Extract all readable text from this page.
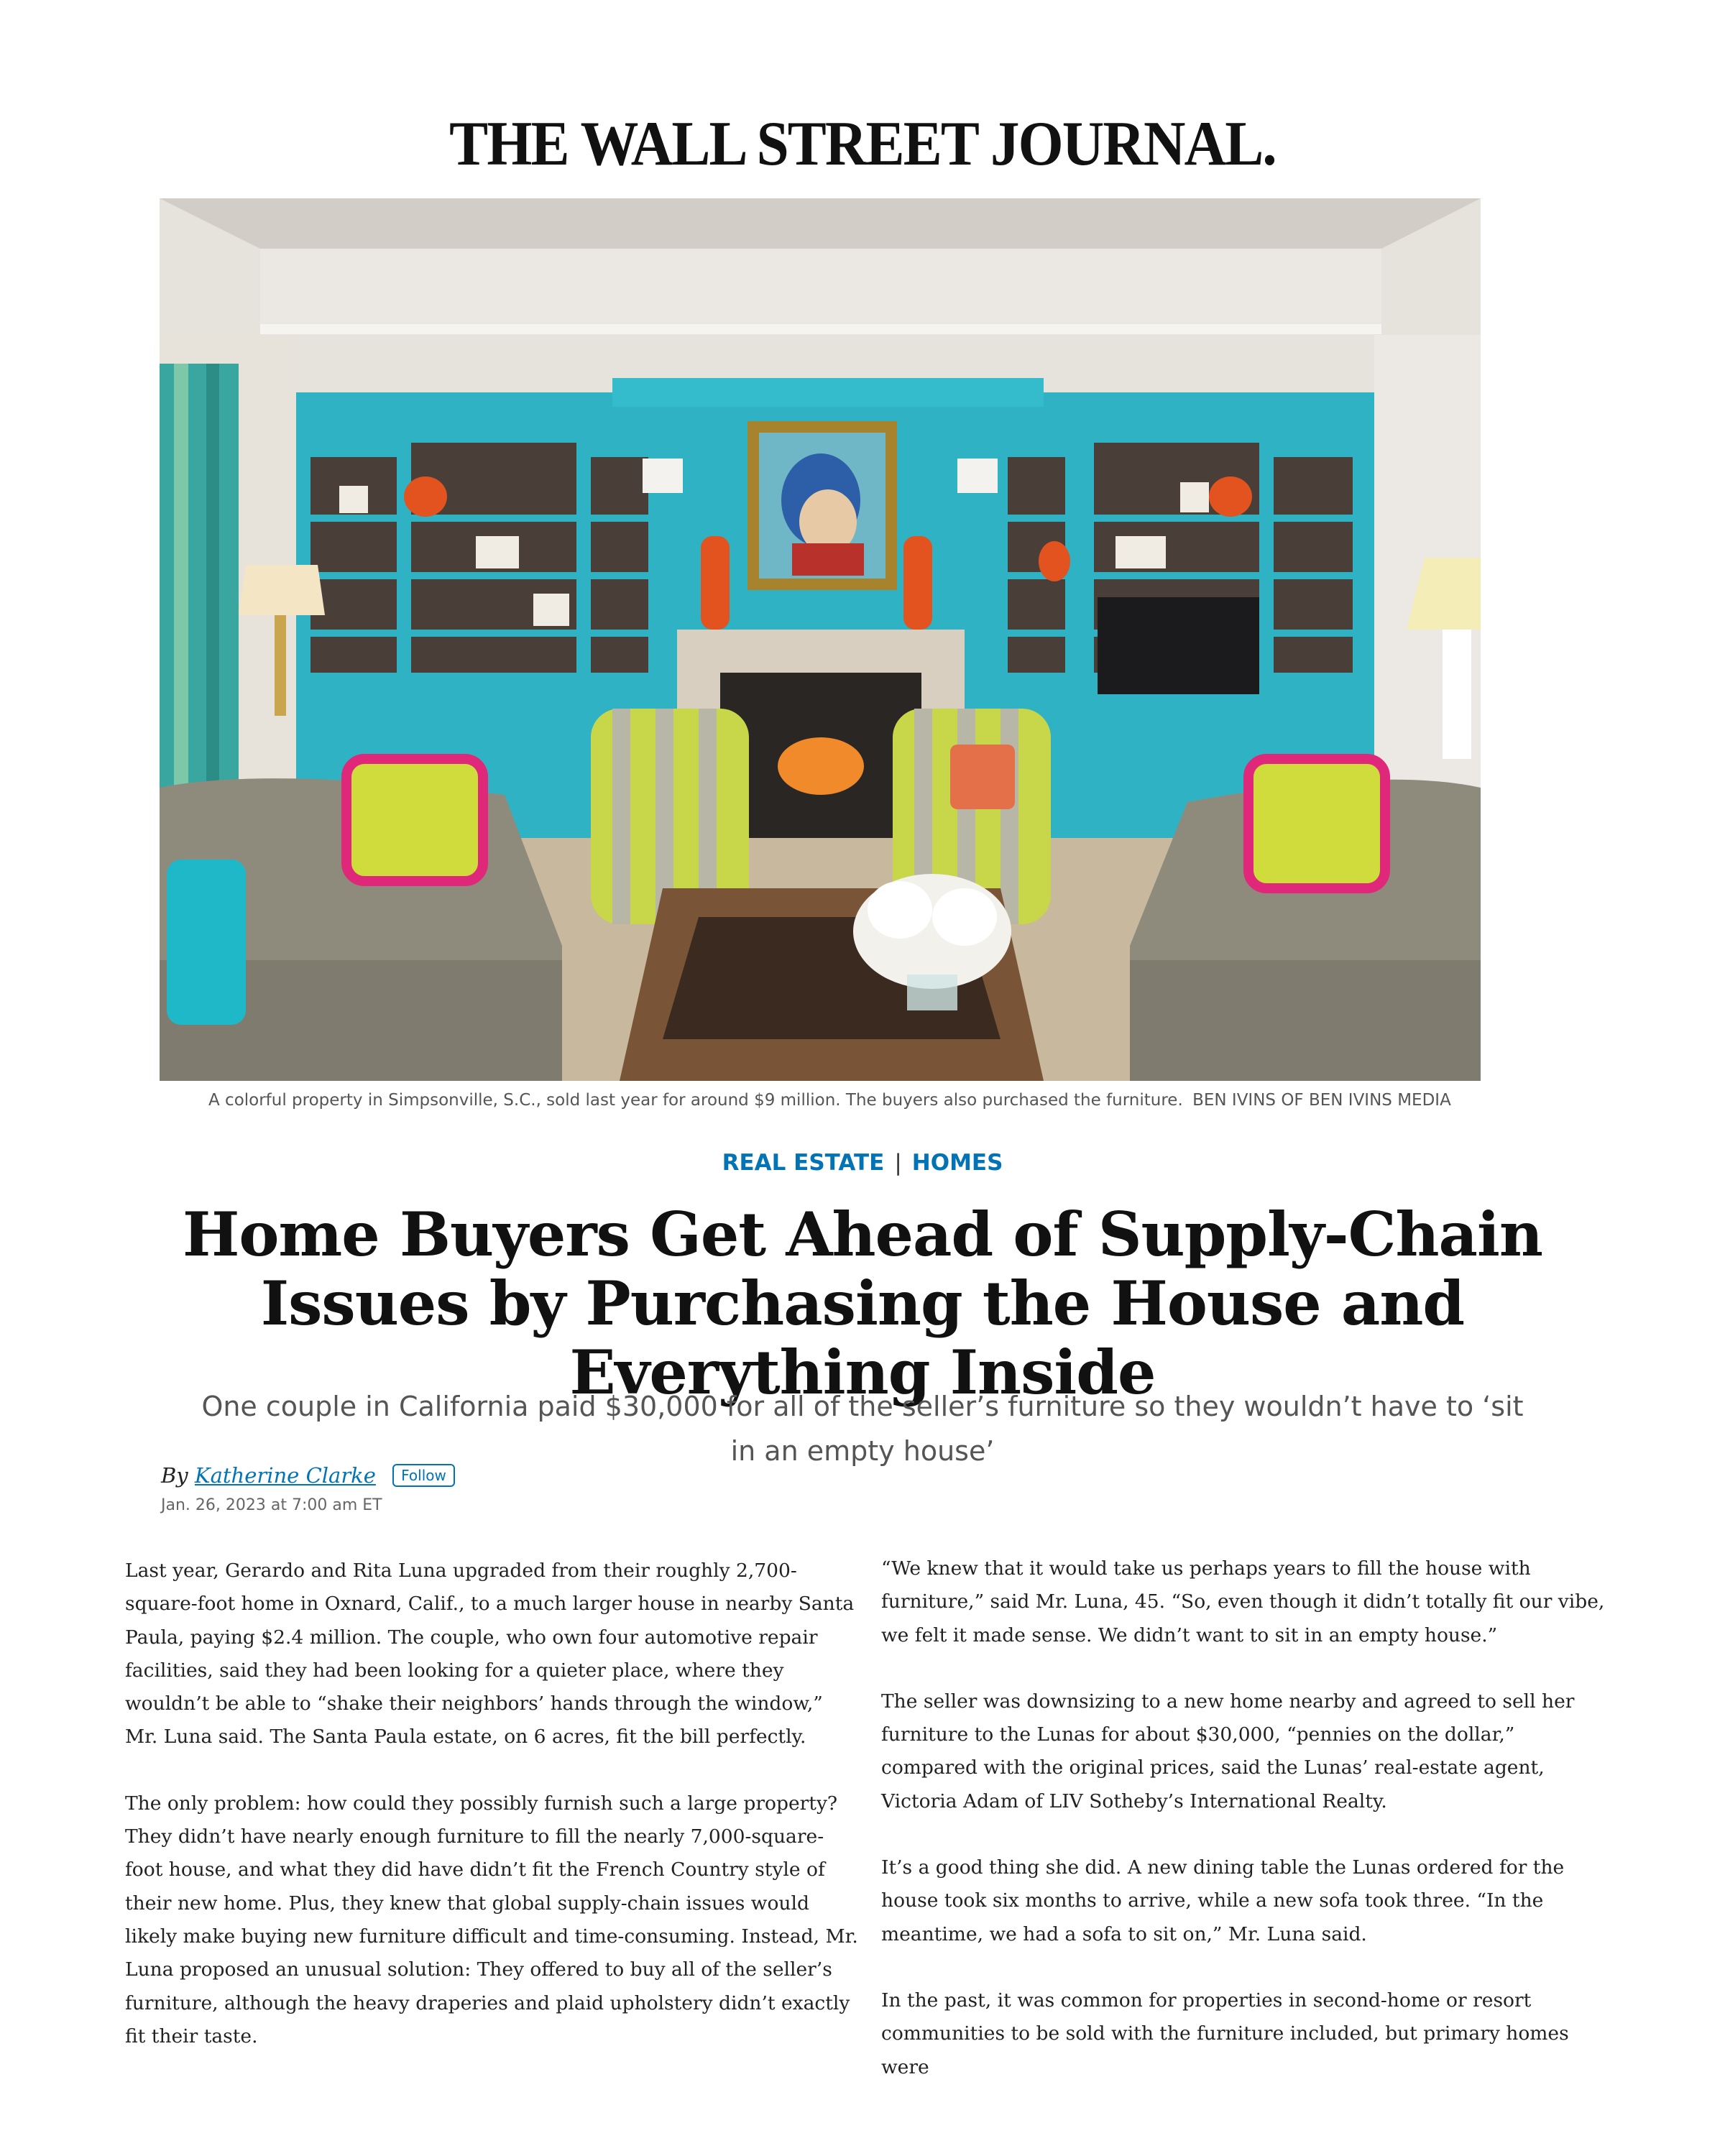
THE WALL STREET JOURNAL.
A colorful property in Simpsonville, S.C., sold last year for around $9 million. The buyers also purchased the furniture. BEN IVINS OF BEN IVINS MEDIA
REAL ESTATE | HOMES
Home Buyers Get Ahead of Supply-Chain Issues by Purchasing the House and Everything Inside

One couple in California paid $30,000 for all of the seller’s furniture so they wouldn’t have to ‘sit in an empty house’

By Katherine Clarke Follow
Jan. 26, 2023 at 7:00 am ET

Last year, Gerardo and Rita Luna upgraded from their roughly 2,700-square-foot home in Oxnard, Calif., to a much larger house in nearby Santa Paula, paying $2.4 million. The couple, who own four automotive repair facilities, said they had been looking for a quieter place, where they wouldn’t be able to “shake their neighbors’ hands through the window,” Mr. Luna said. The Santa Paula estate, on 6 acres, fit the bill perfectly.

The only problem: how could they possibly furnish such a large property? They didn’t have nearly enough furniture to fill the nearly 7,000-square-foot house, and what they did have didn’t fit the French Country style of their new home. Plus, they knew that global supply-chain issues would likely make buying new furniture difficult and time-consuming. Instead, Mr. Luna proposed an unusual solution: They offered to buy all of the seller’s furniture, although the heavy draperies and plaid upholstery didn’t exactly fit their taste.

“We knew that it would take us perhaps years to fill the house with furniture,” said Mr. Luna, 45. “So, even though it didn’t totally fit our vibe, we felt it made sense. We didn’t want to sit in an empty house.”

The seller was downsizing to a new home nearby and agreed to sell her furniture to the Lunas for about $30,000, “pennies on the dollar,” compared with the original prices, said the Lunas’ real-estate agent, Victoria Adam of LIV Sotheby’s International Realty.

It’s a good thing she did. A new dining table the Lunas ordered for the house took six months to arrive, while a new sofa took three. “In the meantime, we had a sofa to sit on,” Mr. Luna said.

In the past, it was common for properties in second-home or resort communities to be sold with the furniture included, but primary homes were
